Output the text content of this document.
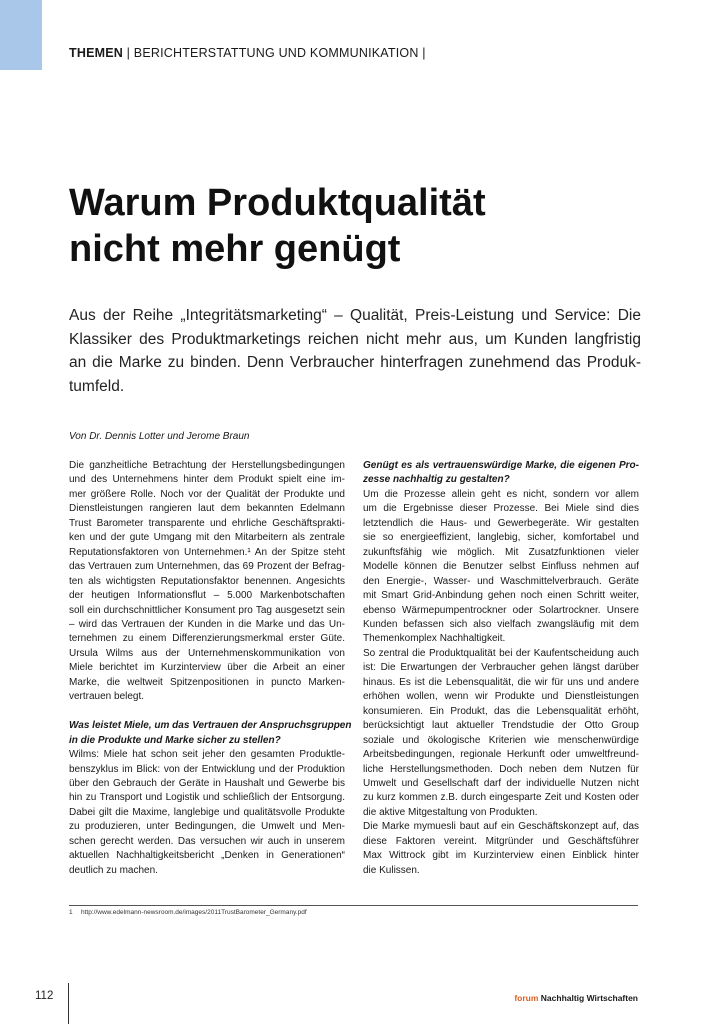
THEMEN | BERICHTERSTATTUNG UND KOMMUNIKATION |
Warum Produktqualität
nicht mehr genügt
Aus der Reihe „Integritätsmarketing“ – Qualität, Preis-Leistung und Service: Die
Klassiker des Produktmarketings reichen nicht mehr aus, um Kunden langfristig
an die Marke zu binden. Denn Verbraucher hinterfragen zunehmend das Produk-
tumfeld.
Von Dr. Dennis Lotter und Jerome Braun
Die ganzheitliche Betrachtung der Herstellungsbedingungen
und des Unternehmens hinter dem Produkt spielt eine im-
mer größere Rolle. Noch vor der Qualität der Produkte und
Dienstleistungen rangieren laut dem bekannten Edelmann
Trust Barometer transparente und ehrliche Geschäftsprakti-
ken und der gute Umgang mit den Mitarbeitern als zentrale
Reputationsfaktoren von Unternehmen.¹ An der Spitze steht
das Vertrauen zum Unternehmen, das 69 Prozent der Befrag-
ten als wichtigsten Reputationsfaktor benennen. Angesichts
der heutigen Informationsflut – 5.000 Markenbotschaften
soll ein durchschnittlicher Konsument pro Tag ausgesetzt sein
– wird das Vertrauen der Kunden in die Marke und das Un-
ternehmen zu einem Differenzierungsmerkmal erster Güte.
Ursula Wilms aus der Unternehmenskommunikation von
Miele berichtet im Kurzinterview über die Arbeit an einer
Marke, die weltweit Spitzenpositionen in puncto Marken-
vertrauen belegt.
Was leistet Miele, um das Vertrauen der Anspruchsgruppen
in die Produkte und Marke sicher zu stellen?
Wilms: Miele hat schon seit jeher den gesamten Produktle-
benszyklus im Blick: von der Entwicklung und der Produktion
über den Gebrauch der Geräte in Haushalt und Gewerbe bis
hin zu Transport und Logistik und schließlich der Entsorgung.
Dabei gilt die Maxime, langlebige und qualitätsvolle Produkte
zu produzieren, unter Bedingungen, die Umwelt und Men-
schen gerecht werden. Das versuchen wir auch in unserem
aktuellen Nachhaltigkeitsbericht „Denken in Generationen“
deutlich zu machen.
Genügt es als vertrauenswürdige Marke, die eigenen Pro-
zesse nachhaltig zu gestalten?
Um die Prozesse allein geht es nicht, sondern vor allem
um die Ergebnisse dieser Prozesse. Bei Miele sind dies
letztendlich die Haus- und Gewerbegeräte. Wir gestalten
sie so energieeffizient, langlebig, sicher, komfortabel und
zukunftsfähig wie möglich. Mit Zusatzfunktionen vieler
Modelle können die Benutzer selbst Einfluss nehmen auf
den Energie-, Wasser- und Waschmittelverbrauch. Geräte
mit Smart Grid-Anbindung gehen noch einen Schritt weiter,
ebenso Wärmepumpentrockner oder Solartrockner. Unsere
Kunden befassen sich also vielfach zwangsläufig mit dem
Themenkomplex Nachhaltigkeit.
So zentral die Produktqualität bei der Kaufentscheidung auch
ist: Die Erwartungen der Verbraucher gehen längst darüber
hinaus. Es ist die Lebensqualität, die wir für uns und andere
erhöhen wollen, wenn wir Produkte und Dienstleistungen
konsumieren. Ein Produkt, das die Lebensqualität erhöht,
berücksichtigt laut aktueller Trendstudie der Otto Group
soziale und ökologische Kriterien wie menschenwürdige
Arbeitsbedingungen, regionale Herkunft oder umweltfreund-
liche Herstellungsmethoden. Doch neben dem Nutzen für
Umwelt und Gesellschaft darf der individuelle Nutzen nicht
zu kurz kommen z.B. durch eingesparte Zeit und Kosten oder
die aktive Mitgestaltung von Produkten.
Die Marke mymuesli baut auf ein Geschäftskonzept auf, das
diese Faktoren vereint. Mitgründer und Geschäftsführer
Max Wittrock gibt im Kurzinterview einen Einblick hinter
die Kulissen.
1 http://www.edelmann-newsroom.de/images/2011TrustBarometer_Germany.pdf
112	forum Nachhaltig Wirtschaften
